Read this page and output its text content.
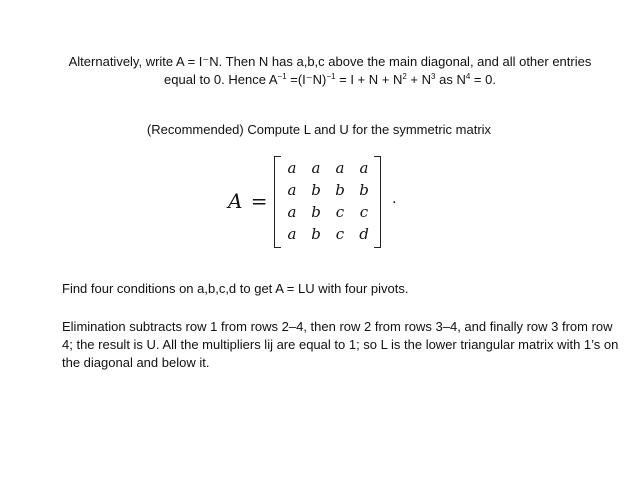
Alternatively, write A = I⁻N. Then N has a,b,c above the main diagonal, and all other entries
equal to 0. Hence $A^{-1} =(I^-N)^{-1} = I + N + N^2 + N^3$ as $N^4 = 0$.

(Recommended) Compute L and U for the symmetric matrix

A =
a	a	a	a
a b b b
a b	c	c
a b	c d
.

Find four conditions on a,b,c,d to get A = LU with four pivots.

Elimination subtracts row 1 from rows 2–4, then row 2 from rows 3–4, and finally row 3 from row 4; the result is U. All the multipliers lij are equal to 1; so L is the lower triangular matrix with 1’s on the diagonal and below it.
